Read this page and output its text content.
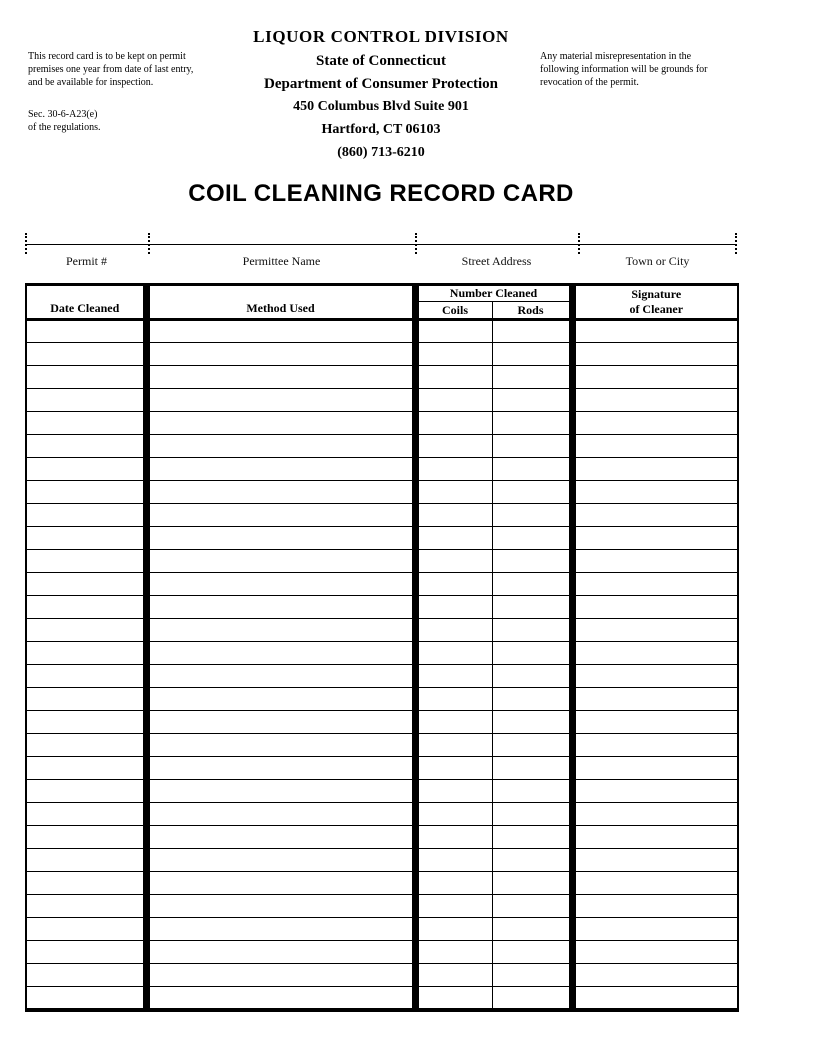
This record card is to be kept on permit
premises one year from date of last entry,
and be available for inspection.
Sec. 30-6-A23(e)
of the regulations.
LIQUOR CONTROL DIVISION
State of Connecticut
Department of Consumer Protection
450 Columbus Blvd Suite 901
Hartford, CT 06103
(860) 713-6210
Any material misrepresentation in the
following information will be grounds for
revocation of the permit.
COIL CLEANING RECORD CARD
Permit #	Permittee Name	Street Address	Town or City
Date Cleaned	Method Used	Number Cleaned		Signature
of Cleaner

		Coils	Rods	
